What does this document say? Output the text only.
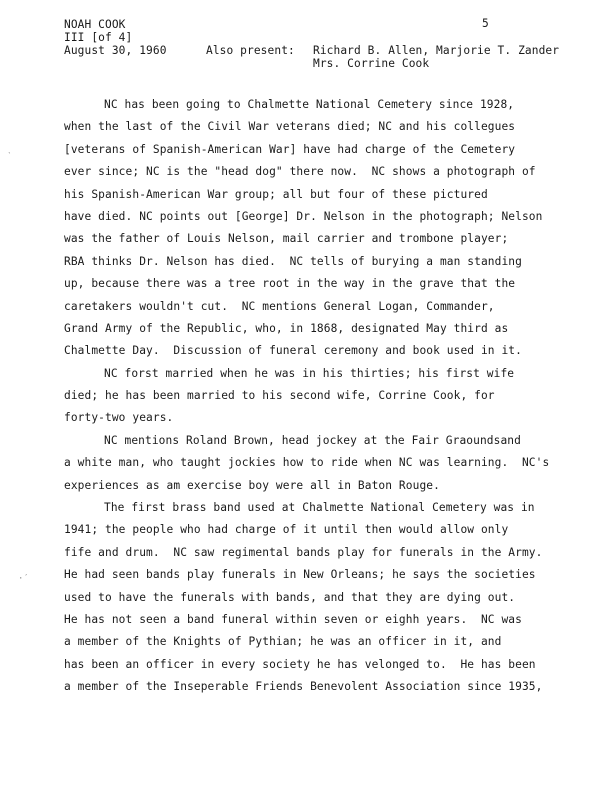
NOAH COOK
III [of 4]
August 30, 1960	Also present: Richard B. Allen, Marjorie T. Zander
Mrs. Corrine Cook
5
NC has been going to Chalmette National Cemetery since 1928,
when the last of the Civil War veterans died; NC and his collegues
[veterans of Spanish-American War] have had charge of the Cemetery
ever since; NC is the "head dog" there now.  NC shows a photograph of
his Spanish-American War group; all but four of these pictured
have died. NC points out [George] Dr. Nelson in the photograph; Nelson
was the father of Louis Nelson, mail carrier and trombone player;
RBA thinks Dr. Nelson has died.  NC tells of burying a man standing
up, because there was a tree root in the way in the grave that the
caretakers wouldn't cut.  NC mentions General Logan, Commander,
Grand Army of the Republic, who, in 1868, designated May third as
Chalmette Day.  Discussion of funeral ceremony and book used in it.
NC forst married when he was in his thirties; his first wife
died; he has been married to his second wife, Corrine Cook, for
forty-two years.
NC mentions Roland Brown, head jockey at the Fair Graoundsand
a white man, who taught jockies how to ride when NC was learning.  NC's
experiences as am exercise boy were all in Baton Rouge.
The first brass band used at Chalmette National Cemetery was in
1941; the people who had charge of it until then would allow only
fife and drum.  NC saw regimental bands play for funerals in the Army.
He had seen bands play funerals in New Orleans; he says the societies
used to have the funerals with bands, and that they are dying out.
He has not seen a band funeral within seven or eighh years.  NC was
a member of the Knights of Pythian; he was an officer in it, and
has been an officer in every society he has velonged to.  He has been
a member of the Inseperable Friends Benevolent Association since 1935,
ˋ
·ˊ
